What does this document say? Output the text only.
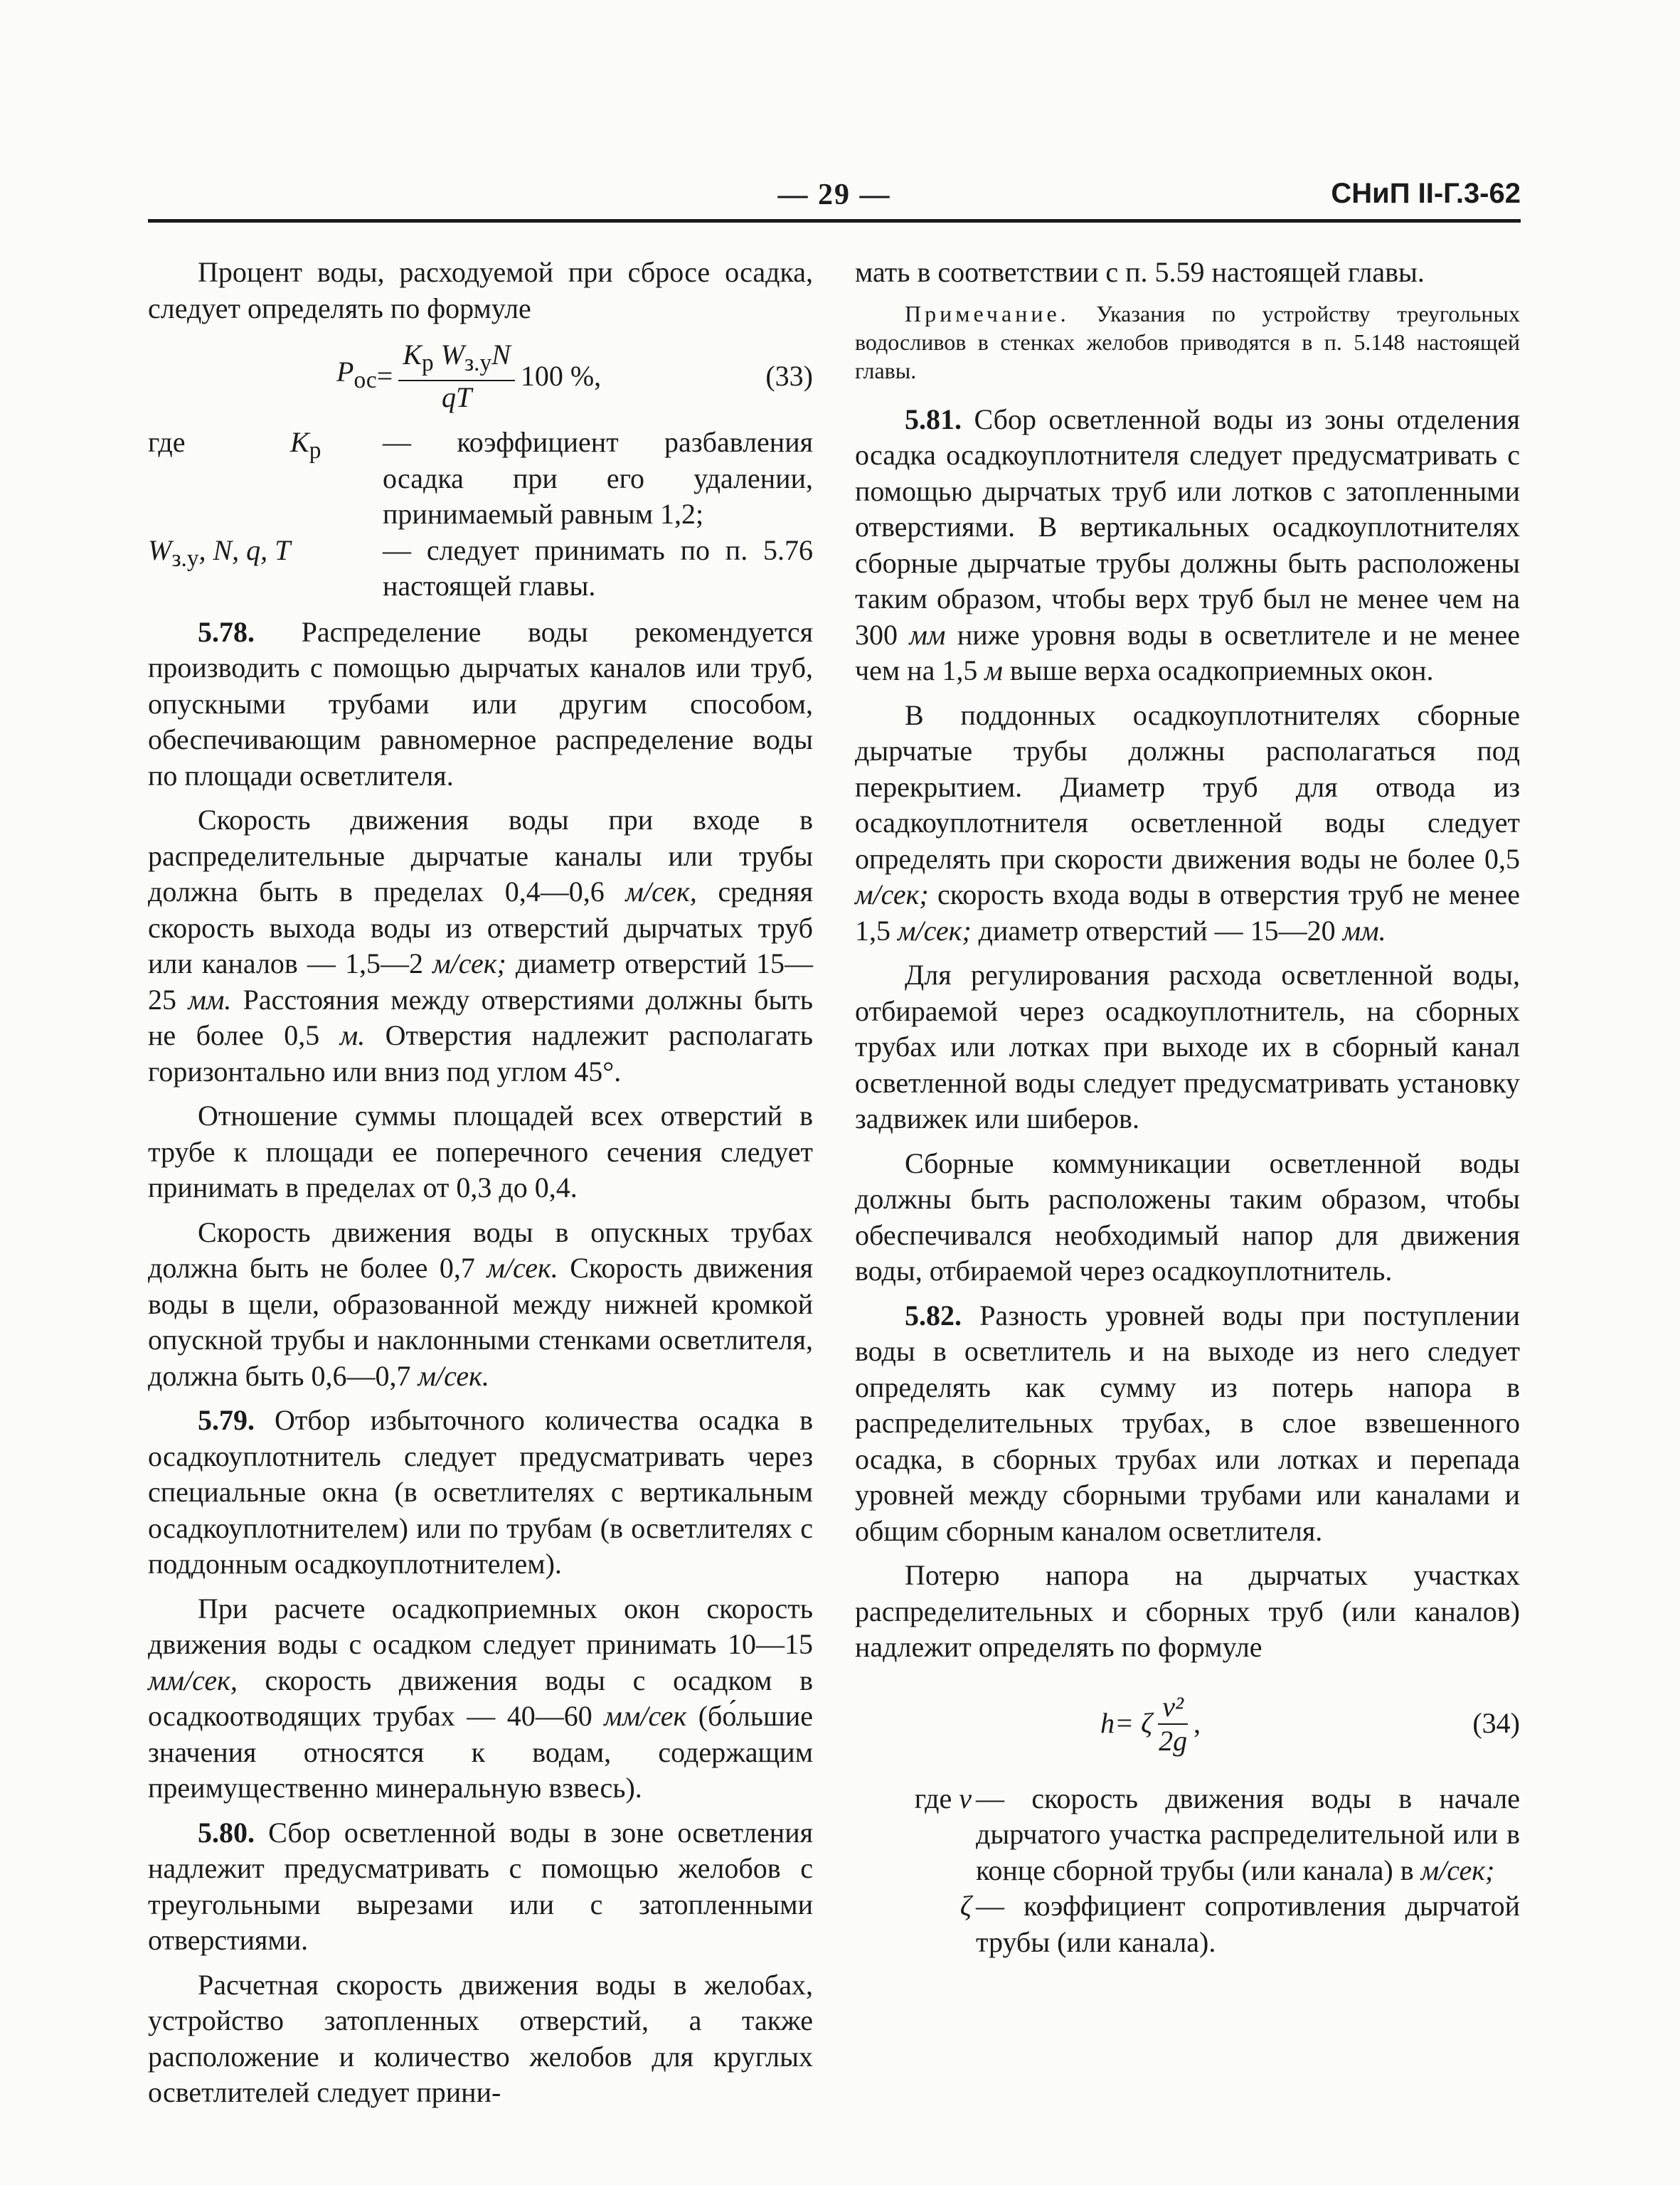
— 29 —	СНиП II-Г.3-62

Процент воды, расходуемой при сбросе осадка, следует определять по формуле

$P_{ос} = \frac{K_р W_{з.у}N}{qT} 100$ %,	(33)
где	$K_р$	— коэффициент разбавления осадка при его удалении, принимаемый равным 1,2;
$W_{з.у}$, N, q, T	— следует принимать по п. 5.76 настоящей главы.

5.78. Распределение воды рекомендуется производить с помощью дырчатых каналов или труб, опускными трубами или другим способом, обеспечивающим равномерное распределение воды по площади осветлителя.

Скорость движения воды при входе в распределительные дырчатые каналы или трубы должна быть в пределах 0,4—0,6 м/сек, средняя скорость выхода воды из отверстий дырчатых труб или каналов — 1,5—2 м/сек; диаметр отверстий 15—25 мм. Расстояния между отверстиями должны быть не более 0,5 м. Отверстия надлежит располагать горизонтально или вниз под углом 45°.

Отношение суммы площадей всех отверстий в трубе к площади ее поперечного сечения следует принимать в пределах от 0,3 до 0,4.

Скорость движения воды в опускных трубах должна быть не более 0,7 м/сек. Скорость движения воды в щели, образованной между нижней кромкой опускной трубы и наклонными стенками осветлителя, должна быть 0,6—0,7 м/сек.

5.79. Отбор избыточного количества осадка в осадкоуплотнитель следует предусматривать через специальные окна (в осветлителях с вертикальным осадкоуплотнителем) или по трубам (в осветлителях с поддонным осадкоуплотнителем).

При расчете осадкоприемных окон скорость движения воды с осадком следует принимать 10—15 мм/сек, скорость движения воды с осадком в осадкоотводящих трубах — 40—60 мм/сек (бо́льшие значения относятся к водам, содержащим преимущественно минеральную взвесь).

5.80. Сбор осветленной воды в зоне осветления надлежит предусматривать с помощью желобов с треугольными вырезами или с затопленными отверстиями.

Расчетная скорость движения воды в желобах, устройство затопленных отверстий, а также расположение и количество желобов для круглых осветлителей следует прини-

мать в соответствии с п. 5.59 настоящей главы.

Примечание. Указания по устройству треугольных водосливов в стенках желобов приводятся в п. 5.148 настоящей главы.

5.81. Сбор осветленной воды из зоны отделения осадка осадкоуплотнителя следует предусматривать с помощью дырчатых труб или лотков с затопленными отверстиями. В вертикальных осадкоуплотнителях сборные дырчатые трубы должны быть расположены таким образом, чтобы верх труб был не менее чем на 300 мм ниже уровня воды в осветлителе и не менее чем на 1,5 м выше верха осадкоприемных окон.

В поддонных осадкоуплотнителях сборные дырчатые трубы должны располагаться под перекрытием. Диаметр труб для отвода из осадкоуплотнителя осветленной воды следует определять при скорости движения воды не более 0,5 м/сек; скорость входа воды в отверстия труб не менее 1,5 м/сек; диаметр отверстий — 15—20 мм.

Для регулирования расхода осветленной воды, отбираемой через осадкоуплотнитель, на сборных трубах или лотках при выходе их в сборный канал осветленной воды следует предусматривать установку задвижек или шиберов.

Сборные коммуникации осветленной воды должны быть расположены таким образом, чтобы обеспечивался необходимый напор для движения воды, отбираемой через осадкоуплотнитель.

5.82. Разность уровней воды при поступлении воды в осветлитель и на выходе из него следует определять как сумму из потерь напора в распределительных трубах, в слое взвешенного осадка, в сборных трубах или лотках и перепада уровней между сборными трубами или каналами и общим сборным каналом осветлителя.

Потерю напора на дырчатых участках распределительных и сборных труб (или каналов) надлежит определять по формуле

h = ζ $\frac{\text{v²}}{2g}$ ,	(34)
где v — скорость движения воды в начале дырчатого участка распределительной или в конце сборной трубы (или канала) в м/сек;
ζ — коэффициент сопротивления дырчатой трубы (или канала).
